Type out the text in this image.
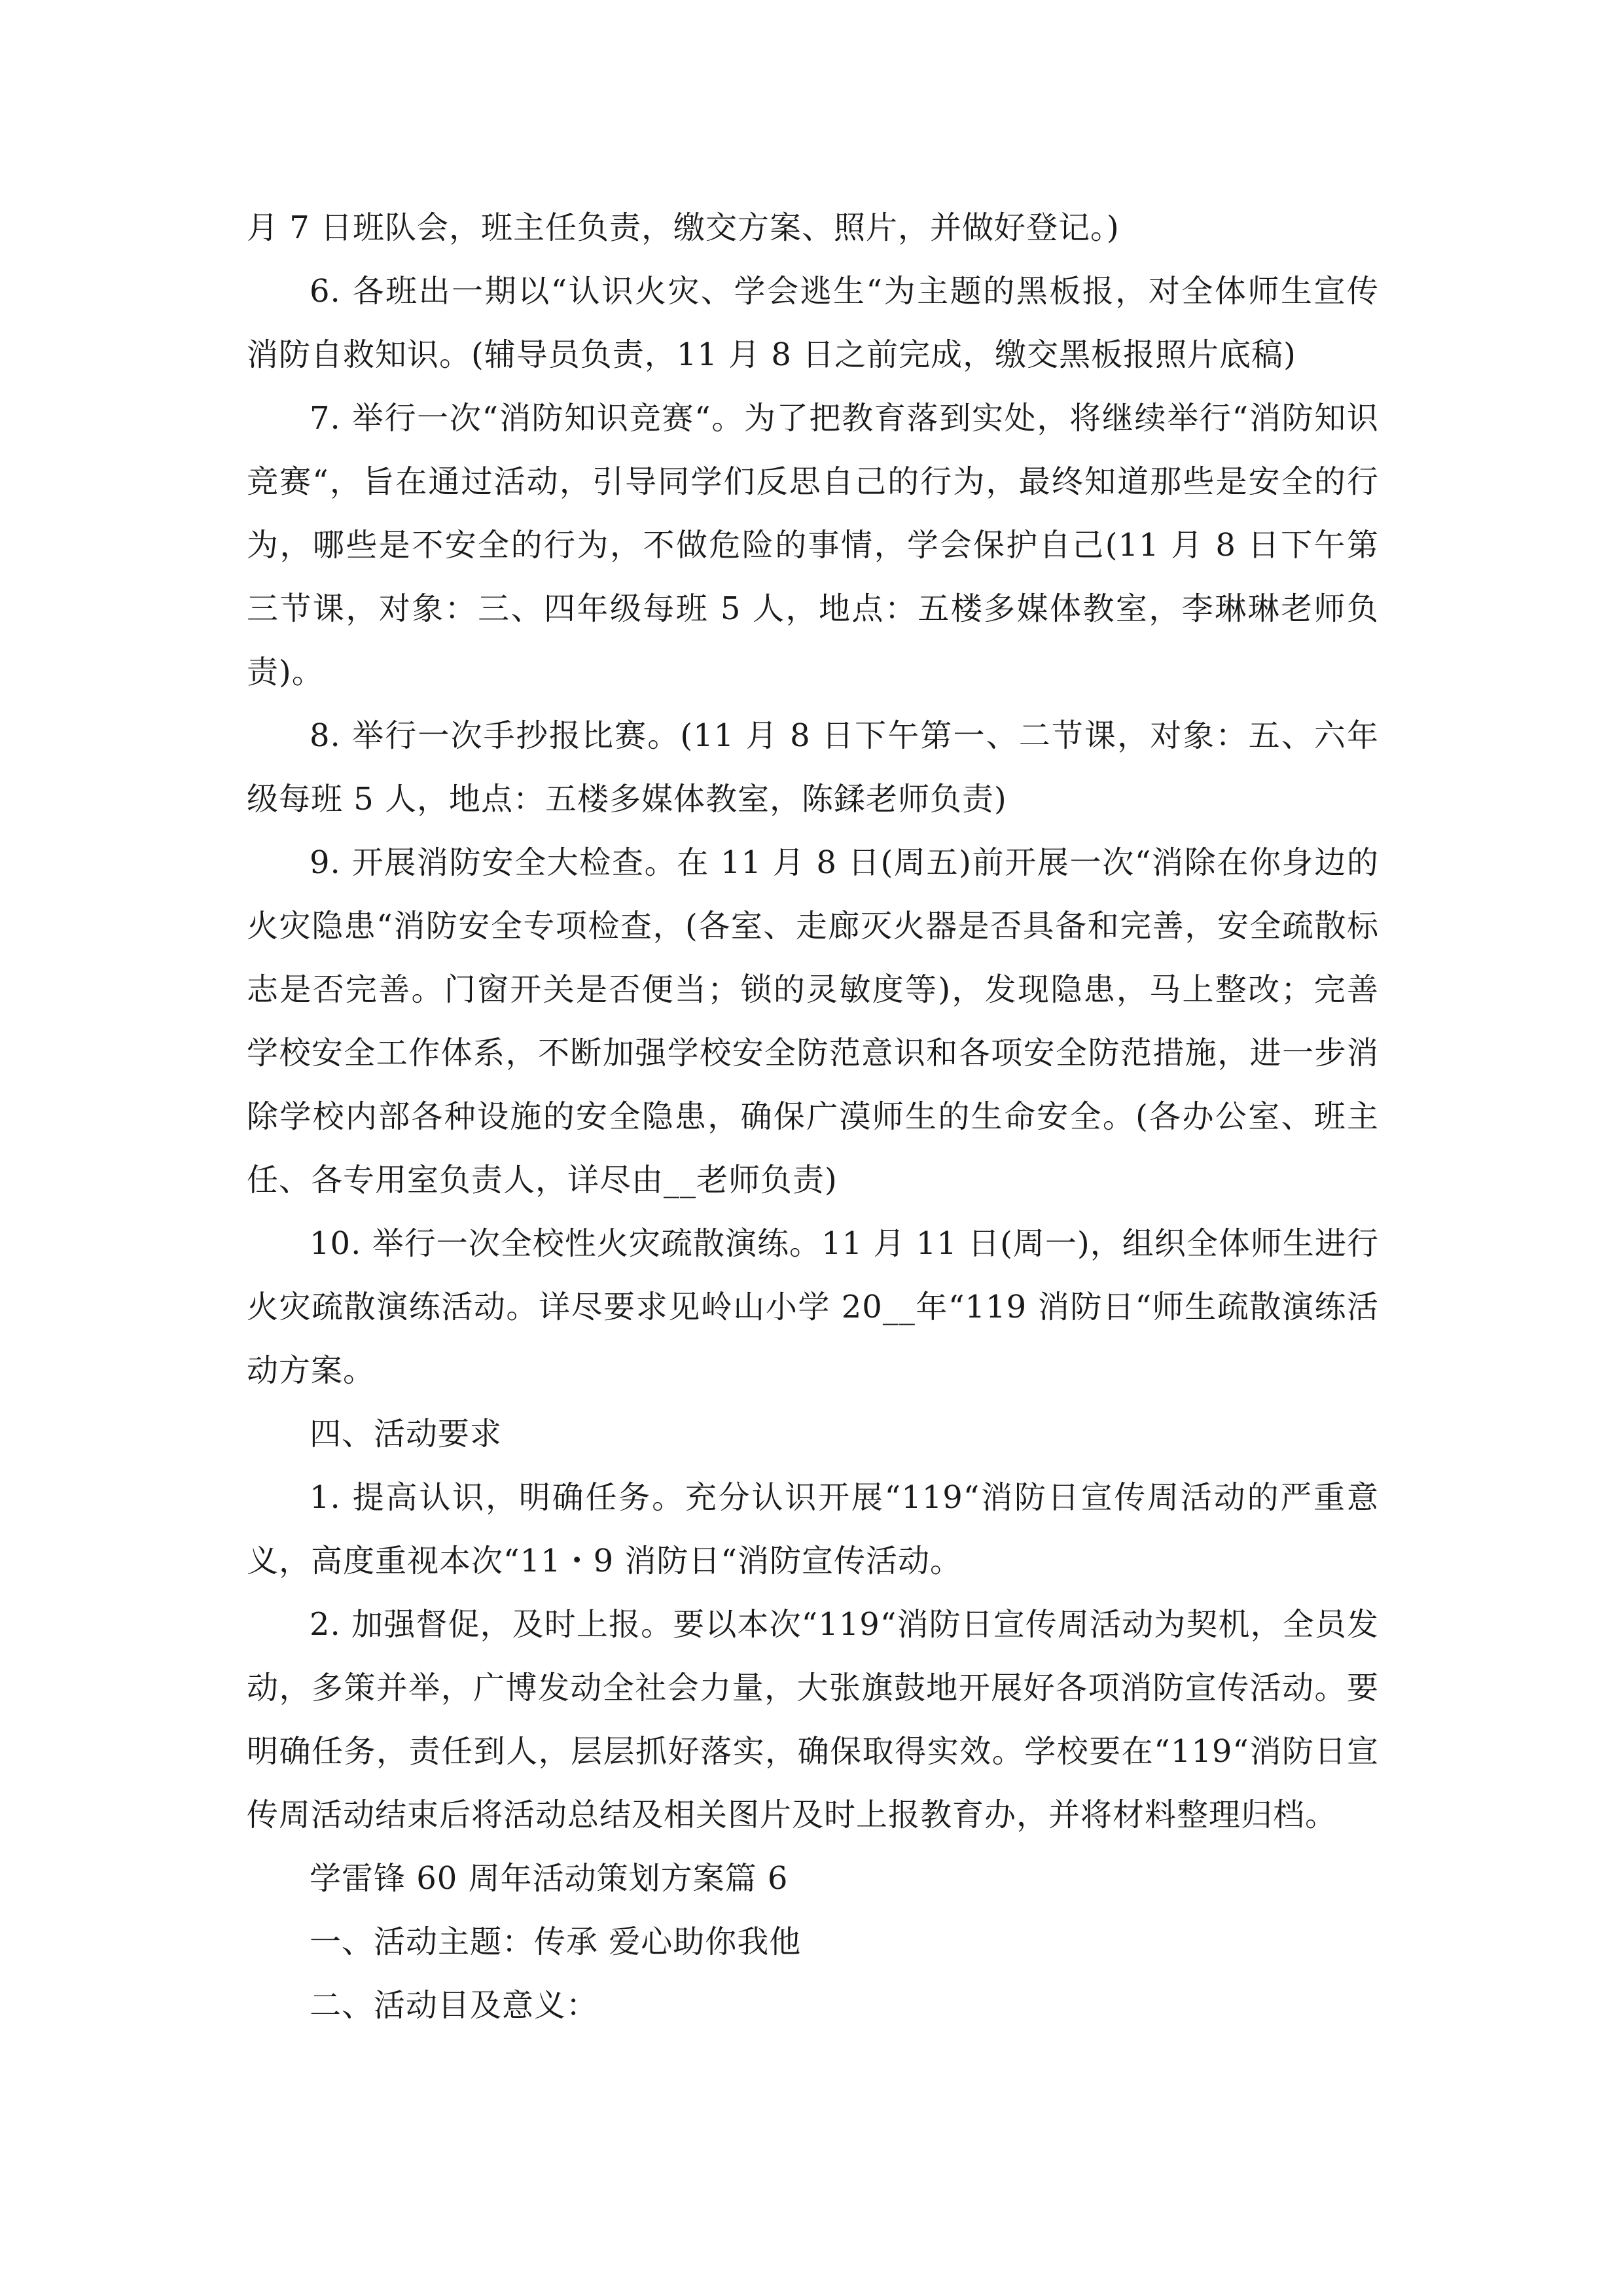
月 7 日班队会，班主任负责，缴交方案、照片，并做好登记。)

6. 各班出一期以“认识火灾、学会逃生“为主题的黑板报，对全体师生宣传消防自救知识。(辅导员负责，11 月 8 日之前完成，缴交黑板报照片底稿)

7. 举行一次“消防知识竞赛“。为了把教育落到实处，将继续举行“消防知识竞赛“，旨在通过活动，引导同学们反思自己的行为，最终知道那些是安全的行为，哪些是不安全的行为，不做危险的事情，学会保护自己(11 月 8 日下午第三节课，对象：三、四年级每班 5 人，地点：五楼多媒体教室，李琳琳老师负责)。

8. 举行一次手抄报比赛。(11 月 8 日下午第一、二节课，对象：五、六年级每班 5 人，地点：五楼多媒体教室，陈鍒老师负责)

9. 开展消防安全大检查。在 11 月 8 日(周五)前开展一次“消除在你身边的火灾隐患“消防安全专项检查，(各室、走廊灭火器是否具备和完善，安全疏散标志是否完善。门窗开关是否便当；锁的灵敏度等)，发现隐患，马上整改；完善学校安全工作体系，不断加强学校安全防范意识和各项安全防范措施，进一步消除学校内部各种设施的安全隐患，确保广漠师生的生命安全。(各办公室、班主任、各专用室负责人，详尽由__老师负责)

10. 举行一次全校性火灾疏散演练。11 月 11 日(周一)，组织全体师生进行火灾疏散演练活动。详尽要求见岭山小学 20__年“119 消防日“师生疏散演练活动方案。

四、活动要求

1. 提高认识，明确任务。充分认识开展“119“消防日宣传周活动的严重意义，高度重视本次“11・9 消防日“消防宣传活动。

2. 加强督促，及时上报。要以本次“119“消防日宣传周活动为契机，全员发动，多策并举，广博发动全社会力量，大张旗鼓地开展好各项消防宣传活动。要明确任务，责任到人，层层抓好落实，确保取得实效。学校要在“119“消防日宣传周活动结束后将活动总结及相关图片及时上报教育办，并将材料整理归档。

学雷锋 60 周年活动策划方案篇 6

一、活动主题：传承 爱心助你我他

二、活动目及意义：
